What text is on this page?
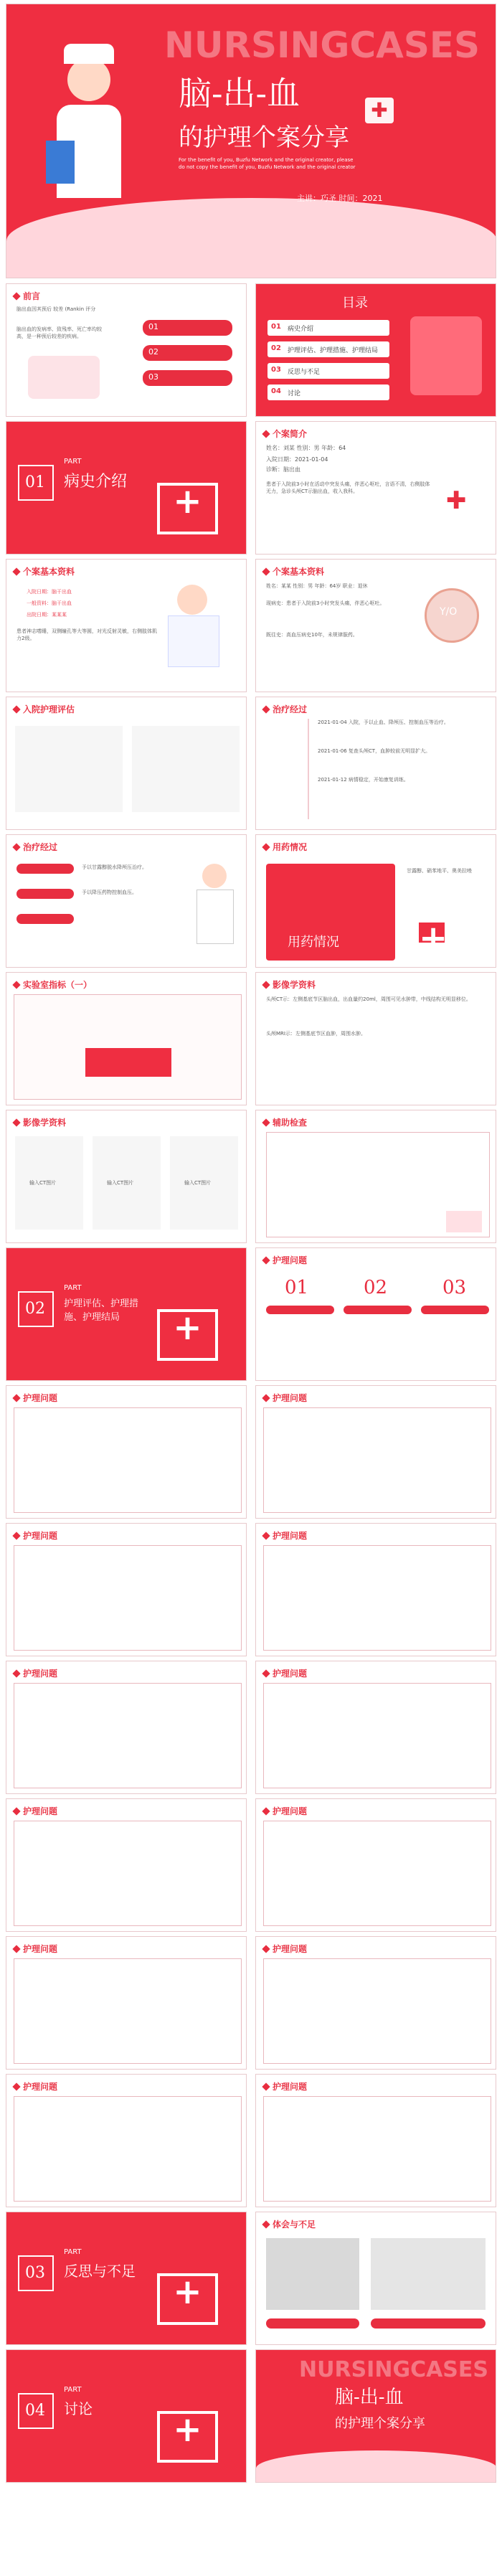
NURSINGCASES
脑-出-血
的护理个案分享
For the benefit of you, Buzfu Network and the original creator, please do not copy the benefit of you, Buzfu Network and the original creator
主讲：巧圣 时间：2021
✚
前言
脑出血因其预后 较差 (Rankin 评分
脑出血的发病率、致残率、死亡率均较高，是一种预后较差的疾病。
01
02
03
目录
01 病史介绍
02 护理评估、护理措施、护理结局
03 反思与不足
04 讨论
01
PART
病史介绍
+
个案简介
姓名：刘某 性别：男 年龄：64
入院日期：2021-01-04
诊断：脑出血
患者于入院前3小时在活动中突发头痛，伴恶心呕吐，言语不清，右侧肢体无力，急诊头颅CT示脑出血，收入我科。	✚
个案基本资料
入院日期：脑干出血
一般资料：脑干出血
出院日期：某某某
患者神志嗜睡，双侧瞳孔等大等圆，对光反射灵敏，右侧肢体肌力2级。
个案基本资料
姓名：某某 性别：男 年龄：64岁 职业：退休
现病史：患者于入院前3小时突发头痛，伴恶心呕吐。
既往史：高血压病史10年，未规律服药。
Y/O
入院护理评估	治疗经过
2021-01-04 入院，予以止血、降颅压、控制血压等治疗。
2021-01-06 复查头颅CT，血肿较前无明显扩大。
2021-01-12 病情稳定，开始康复训练。
治疗经过
予以甘露醇脱水降颅压治疗。
予以降压药物控制血压。
用药情况
用药情况
甘露醇、硝苯地平、奥美拉唑
+
实验室指标（一）	影像学资料
头颅CT示：左侧基底节区脑出血，出血量约20ml，周围可见水肿带，中线结构无明显移位。
头颅MRI示：左侧基底节区血肿，周围水肿。
影像学资料
输入CT图片	输入CT图片	输入CT图片
辅助检查
02
PART
护理评估、护理措施、护理结局
+
护理问题
01	02	03
护理问题	护理问题
护理问题	护理问题
护理问题	护理问题
护理问题	护理问题
护理问题	护理问题
护理问题	护理问题
03
PART
反思与不足
+
体会与不足
04
PART
讨论
+
NURSINGCASES
脑-出-血
的护理个案分享
